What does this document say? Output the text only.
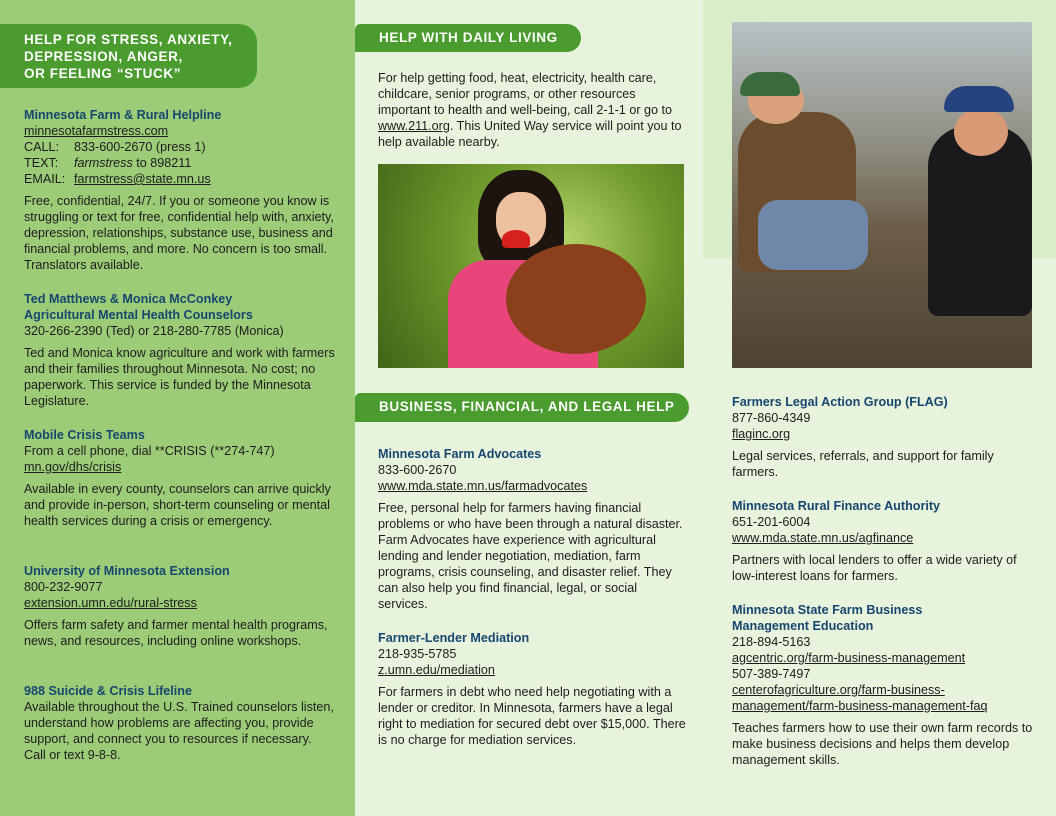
HELP FOR STRESS, ANXIETY,
DEPRESSION, ANGER,
OR FEELING “STUCK”
Minnesota Farm & Rural Helpline
minnesotafarmstress.com
CALL: 833-600-2670 (press 1)
TEXT: farmstress to 898211
EMAIL: farmstress@state.mn.us
Free, confidential, 24/7. If you or someone you know is struggling or text for free, confidential help with, anxiety, depression, relationships, substance use, business and financial problems, and more. No concern is too small. Translators available.
Ted Matthews & Monica McConkey
Agricultural Mental Health Counselors
320-266-2390 (Ted) or 218-280-7785 (Monica)
Ted and Monica know agriculture and work with farmers and their families throughout Minnesota. No cost; no paperwork. This service is funded by the Minnesota Legislature.
Mobile Crisis Teams
From a cell phone, dial **CRISIS (**274-747)
mn.gov/dhs/crisis
Available in every county, counselors can arrive quickly and provide in-person, short-term counseling or mental health services during a crisis or emergency.
University of Minnesota Extension
800-232-9077
extension.umn.edu/rural-stress
Offers farm safety and farmer mental health programs, news, and resources, including online workshops.
988 Suicide & Crisis Lifeline
Available throughout the U.S. Trained counselors listen, understand how problems are affecting you, provide support, and connect you to resources if necessary. Call or text 9-8-8.
HELP WITH DAILY LIVING
For help getting food, heat, electricity, health care, childcare, senior programs, or other resources important to health and well-being, call 2-1-1 or go to www.211.org. This United Way service will point you to help available nearby.
BUSINESS, FINANCIAL, AND LEGAL HELP
Minnesota Farm Advocates
833-600-2670
www.mda.state.mn.us/farmadvocates
Free, personal help for farmers having financial problems or who have been through a natural disaster. Farm Advocates have experience with agricultural lending and lender negotiation, mediation, farm programs, crisis counseling, and disaster relief. They can also help you find financial, legal, or social services.
Farmer-Lender Mediation
218-935-5785
z.umn.edu/mediation
For farmers in debt who need help negotiating with a lender or creditor. In Minnesota, farmers have a legal right to mediation for secured debt over $15,000. There is no charge for mediation services.
Farmers Legal Action Group (FLAG)
877-860-4349
flaginc.org
Legal services, referrals, and support for family farmers.
Minnesota Rural Finance Authority
651-201-6004
www.mda.state.mn.us/agfinance
Partners with local lenders to offer a wide variety of low-interest loans for farmers.
Minnesota State Farm Business
Management Education
218-894-5163
agcentric.org/farm-business-management
507-389-7497
centerofagriculture.org/farm-business-
management/farm-business-management-faq
Teaches farmers how to use their own farm records to make business decisions and helps them develop management skills.
